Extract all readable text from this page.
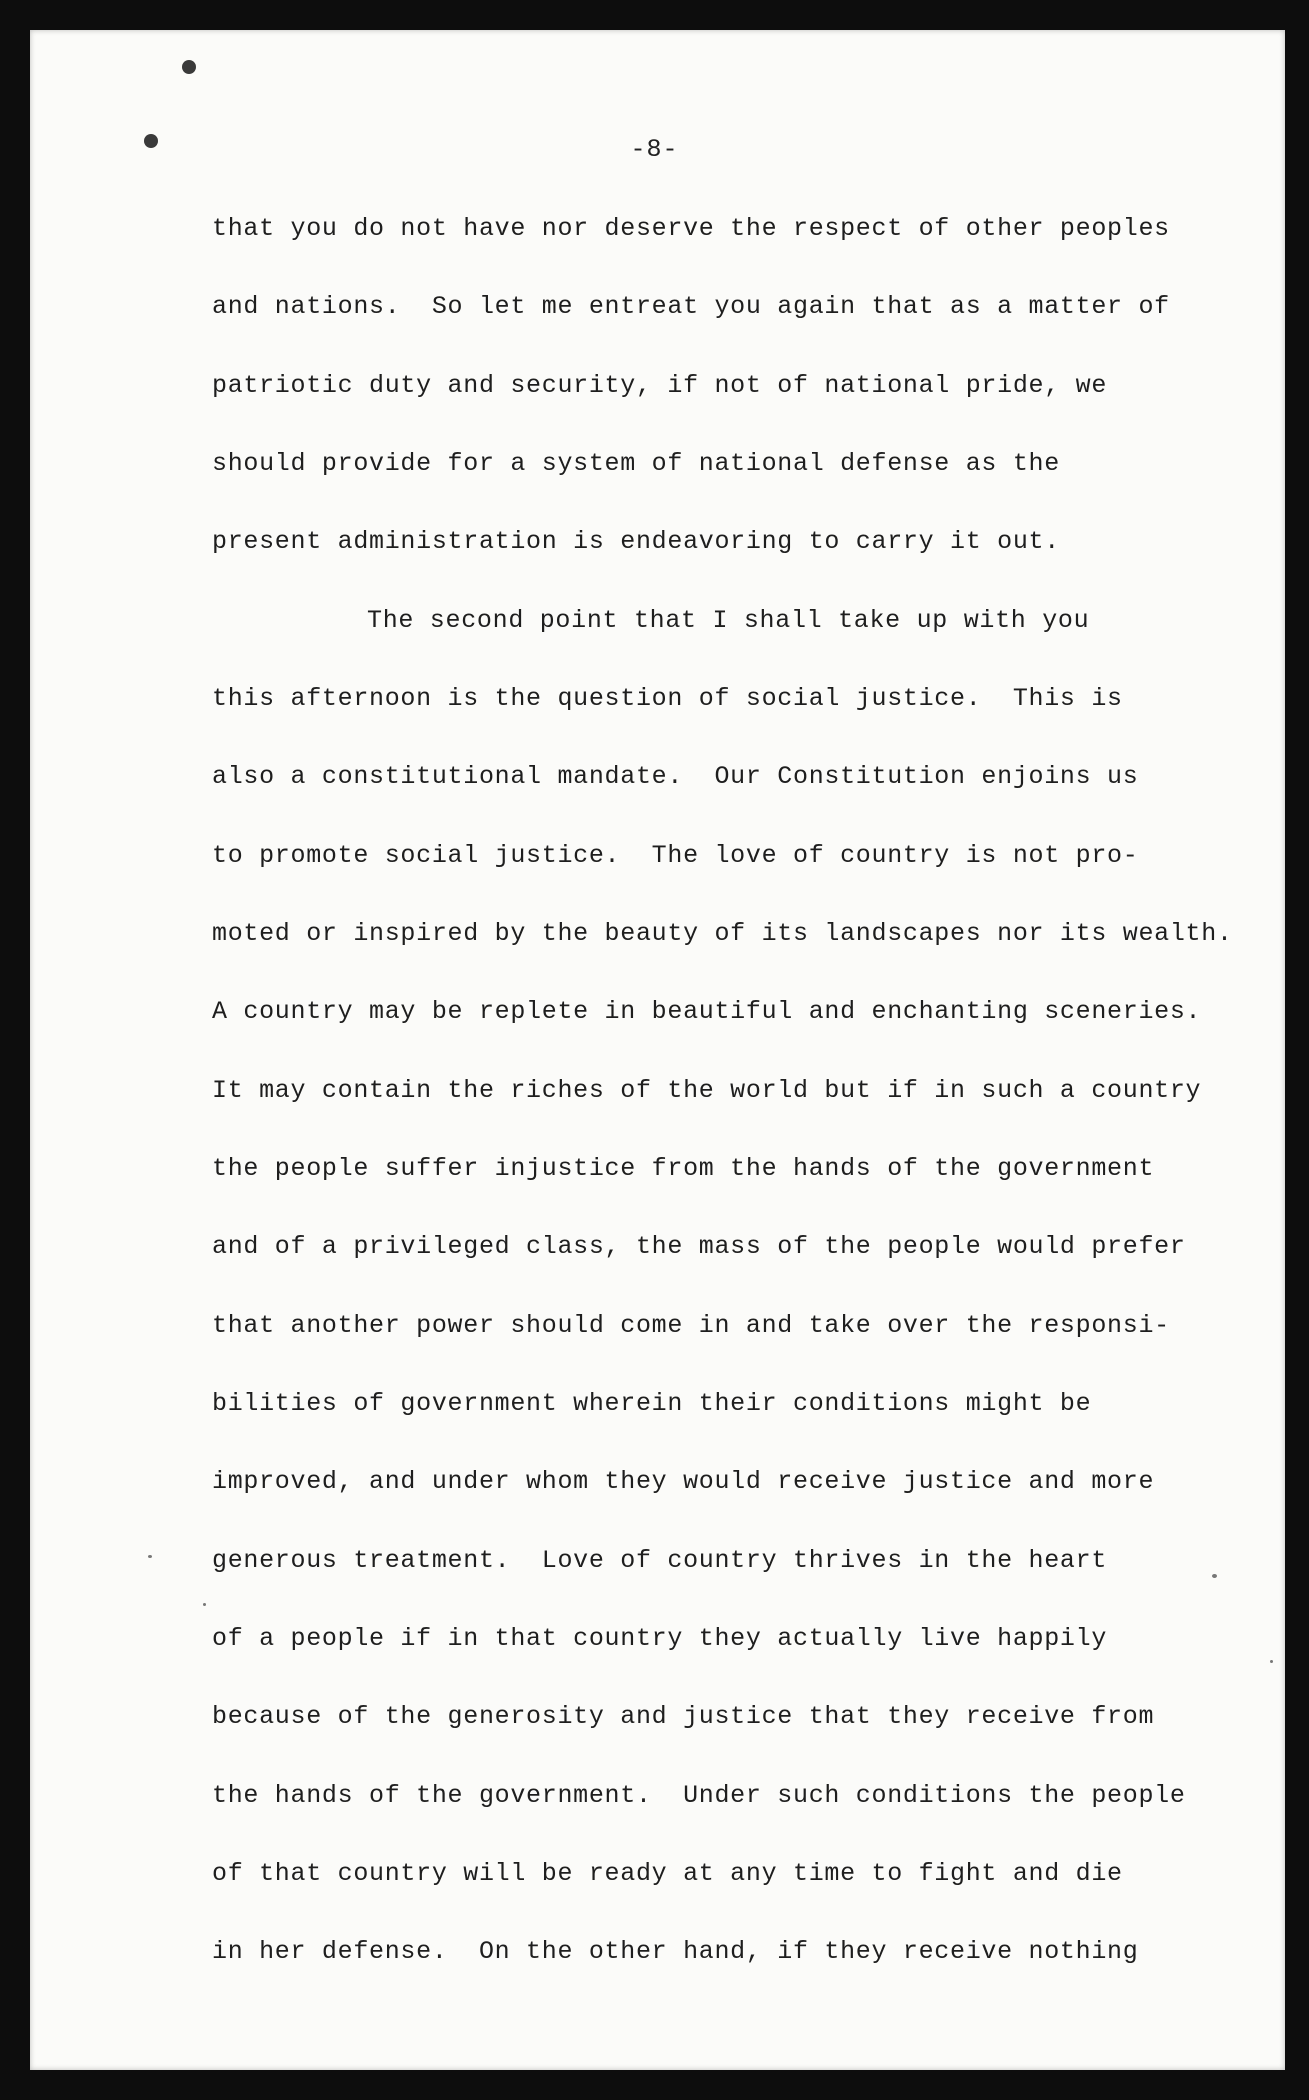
-8-
that you do not have nor deserve the respect of other peoples
and nations.  So let me entreat you again that as a matter of
patriotic duty and security, if not of national pride, we
should provide for a system of national defense as the
present administration is endeavoring to carry it out.
The second point that I shall take up with you
this afternoon is the question of social justice.  This is
also a constitutional mandate.  Our Constitution enjoins us
to promote social justice.  The love of country is not pro-
moted or inspired by the beauty of its landscapes nor its wealth.
A country may be replete in beautiful and enchanting sceneries.
It may contain the riches of the world but if in such a country
the people suffer injustice from the hands of the government
and of a privileged class, the mass of the people would prefer
that another power should come in and take over the responsi-
bilities of government wherein their conditions might be
improved, and under whom they would receive justice and more
generous treatment.  Love of country thrives in the heart
of a people if in that country they actually live happily
because of the generosity and justice that they receive from
the hands of the government.  Under such conditions the people
of that country will be ready at any time to fight and die
in her defense.  On the other hand, if they receive nothing
